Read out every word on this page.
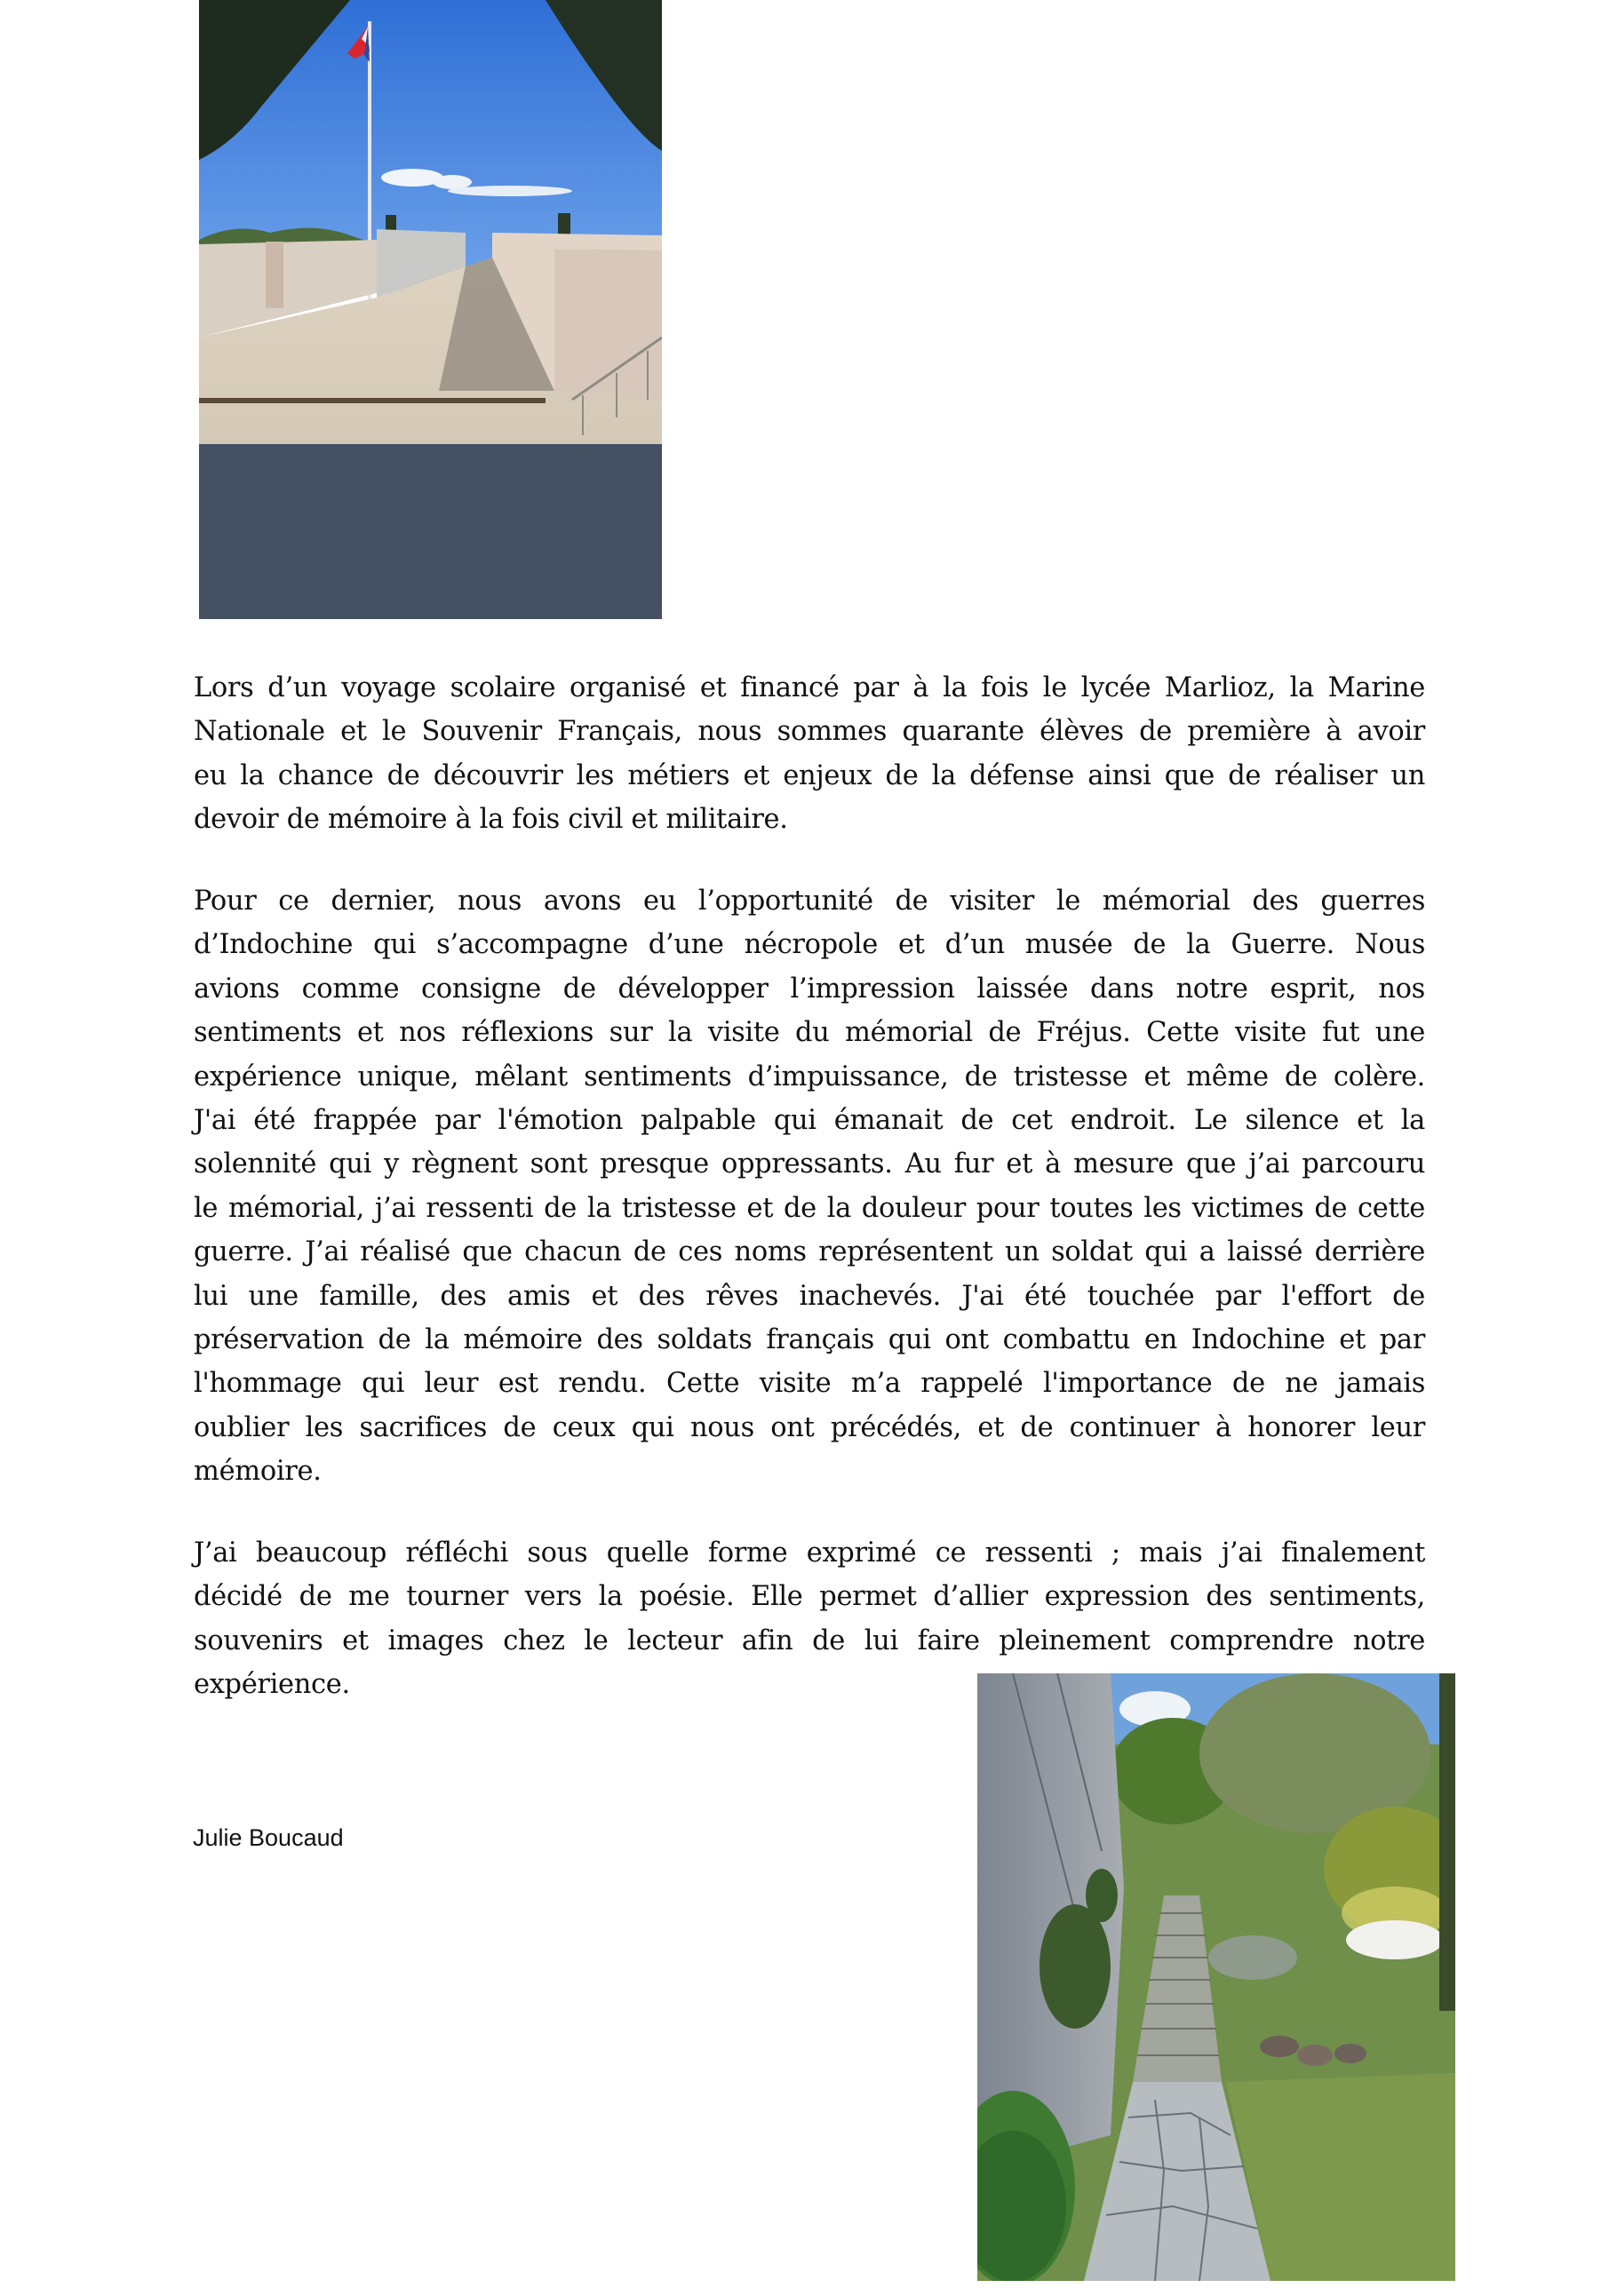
Lors d’un voyage scolaire organisé et financé par à la fois le lycée Marlioz, la Marine
Nationale et le Souvenir Français, nous sommes quarante élèves de première à avoir
eu la chance de découvrir les métiers et enjeux de la défense ainsi que de réaliser un
devoir de mémoire à la fois civil et militaire.
Pour ce dernier, nous avons eu l’opportunité de visiter le mémorial des guerres
d’Indochine qui s’accompagne d’une nécropole et d’un musée de la Guerre. Nous
avions comme consigne de développer l’impression laissée dans notre esprit, nos
sentiments et nos réflexions sur la visite du mémorial de Fréjus. Cette visite fut une
expérience unique, mêlant sentiments d’impuissance, de tristesse et même de colère.
J'ai été frappée par l'émotion palpable qui émanait de cet endroit. Le silence et la
solennité qui y règnent sont presque oppressants. Au fur et à mesure que j’ai parcouru
le mémorial, j’ai ressenti de la tristesse et de la douleur pour toutes les victimes de cette
guerre. J’ai réalisé que chacun de ces noms représentent un soldat qui a laissé derrière
lui une famille, des amis et des rêves inachevés. J'ai été touchée par l'effort de
préservation de la mémoire des soldats français qui ont combattu en Indochine et par
l'hommage qui leur est rendu. Cette visite m’a rappelé l'importance de ne jamais
oublier les sacrifices de ceux qui nous ont précédés, et de continuer à honorer leur
mémoire.
J’ai beaucoup réfléchi sous quelle forme exprimé ce ressenti ; mais j’ai finalement
décidé de me tourner vers la poésie. Elle permet d’allier expression des sentiments,
souvenirs et images chez le lecteur afin de lui faire pleinement comprendre notre
expérience.
Julie Boucaud
